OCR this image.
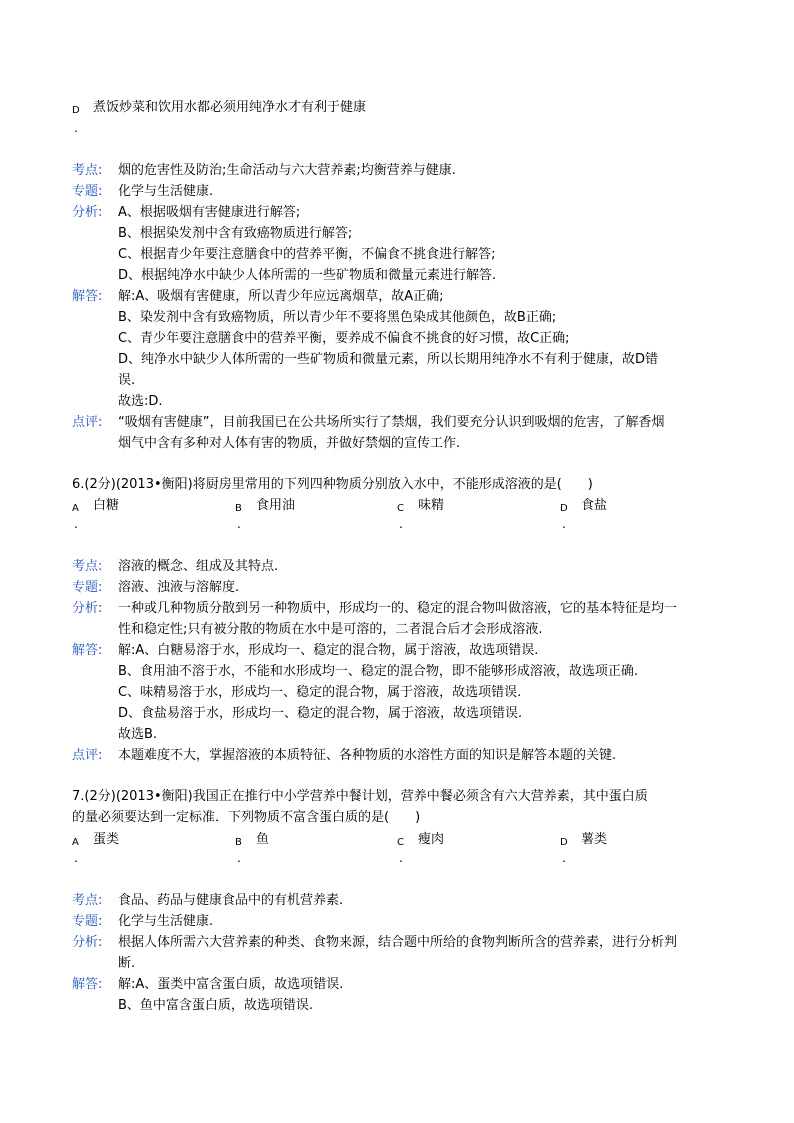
D 煮饭炒菜和饮用水都必须用纯净水才有利于健康
.
考点: 烟的危害性及防治;生命活动与六大营养素;均衡营养与健康.
专题: 化学与生活健康.
分析: A、根据吸烟有害健康进行解答;
B、根据染发剂中含有致癌物质进行解答;
C、根据青少年要注意膳食中的营养平衡，不偏食不挑食进行解答;
D、根据纯净水中缺少人体所需的一些矿物质和微量元素进行解答.
解答: 解:A、吸烟有害健康，所以青少年应远离烟草，故A正确;
B、染发剂中含有致癌物质，所以青少年不要将黑色染成其他颜色，故B正确;
C、青少年要注意膳食中的营养平衡，要养成不偏食不挑食的好习惯，故C正确;
D、纯净水中缺少人体所需的一些矿物质和微量元素，所以长期用纯净水不有利于健康，故D错
误.
故选:D.
点评: “吸烟有害健康”，目前我国已在公共场所实行了禁烟，我们要充分认识到吸烟的危害，了解香烟
烟气中含有多种对人体有害的物质，并做好禁烟的宣传工作.
6.(2分)(2013•衡阳)将厨房里常用的下列四种物质分别放入水中，不能形成溶液的是(　　)
A 白糖	B 食用油	C 味精	D 食盐
.	.	.	.
考点: 溶液的概念、组成及其特点.
专题: 溶液、浊液与溶解度.
分析: 一种或几种物质分散到另一种物质中，形成均一的、稳定的混合物叫做溶液，它的基本特征是均一
性和稳定性;只有被分散的物质在水中是可溶的，二者混合后才会形成溶液.
解答: 解:A、白糖易溶于水，形成均一、稳定的混合物，属于溶液，故选项错误.
B、食用油不溶于水，不能和水形成均一、稳定的混合物，即不能够形成溶液，故选项正确.
C、味精易溶于水，形成均一、稳定的混合物，属于溶液，故选项错误.
D、食盐易溶于水，形成均一、稳定的混合物，属于溶液，故选项错误.
故选B.
点评: 本题难度不大，掌握溶液的本质特征、各种物质的水溶性方面的知识是解答本题的关键.
7.(2分)(2013•衡阳)我国正在推行中小学营养中餐计划，营养中餐必须含有六大营养素，其中蛋白质
的量必须要达到一定标准．下列物质不富含蛋白质的是(　　)
A 蛋类	B 鱼	C 瘦肉	D 薯类
.	.	.	.
考点: 食品、药品与健康食品中的有机营养素.
专题: 化学与生活健康.
分析: 根据人体所需六大营养素的种类、食物来源，结合题中所给的食物判断所含的营养素，进行分析判
断.
解答: 解:A、蛋类中富含蛋白质，故选项错误.
B、鱼中富含蛋白质，故选项错误.
